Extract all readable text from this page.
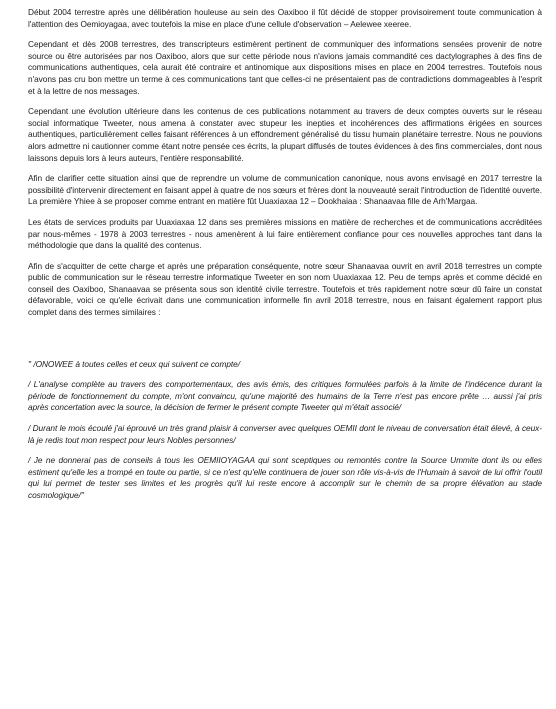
Début 2004 terrestre après une délibération houleuse au sein des Oaxiboo il fût décidé de stopper provisoirement toute communication à l'attention des Oemioyagaa, avec toutefois la mise en place d'une cellule d'observation – Aelewee xeeree.

Cependant et dès 2008 terrestres, des transcripteurs estimèrent pertinent de communiquer des informations sensées provenir de notre source ou être autorisées par nos Oaxiboo, alors que sur cette période nous n'avions jamais commandité ces dactylographes à des fins de communications authentiques, cela aurait été contraire et antinomique aux dispositions mises en place en 2004 terrestres. Toutefois nous n'avons pas cru bon mettre un terme à ces communications tant que celles-ci ne présentaient pas de contradictions dommageables à l'esprit et à la lettre de nos messages.

Cependant une évolution ultérieure dans les contenus de ces publications notamment au travers de deux comptes ouverts sur le réseau social informatique Tweeter, nous amena à constater avec stupeur les inepties et incohérences des affirmations érigées en sources authentiques, particulièrement celles faisant références à un effondrement généralisé du tissu humain planétaire terrestre. Nous ne pouvions alors admettre ni cautionner comme étant notre pensée ces écrits, la plupart diffusés de toutes évidences à des fins commerciales, dont nous laissons depuis lors à leurs auteurs, l'entière responsabilité.

Afin de clarifier cette situation ainsi que de reprendre un volume de communication canonique, nous avons envisagé en 2017 terrestre la possibilité d'intervenir directement en faisant appel à quatre de nos sœurs et frères dont la nouveauté serait l'introduction de l'identité ouverte. La première Yhiee à se proposer comme entrant en matière fût Uuaxiaxaa 12 – Dookhaiaa : Shanaavaa fille de Arh'Margaa.

Les états de services produits par Uuaxiaxaa 12 dans ses premières missions en matière de recherches et de communications accréditées par nous-mêmes - 1978 à 2003 terrestres - nous amenèrent à lui faire entièrement confiance pour ces nouvelles approches tant dans la méthodologie que dans la qualité des contenus.

Afin de s'acquitter de cette charge et après une préparation conséquente, notre sœur Shanaavaa ouvrit en avril 2018 terrestres un compte public de communication sur le réseau terrestre informatique Tweeter en son nom Uuaxiaxaa 12. Peu de temps après et comme décidé en conseil des Oaxiboo, Shanaavaa se présenta sous son identité civile terrestre. Toutefois et très rapidement notre sœur dû faire un constat défavorable, voici ce qu'elle écrivait dans une communication informelle fin avril 2018 terrestre, nous en faisant également rapport plus complet dans des termes similaires :

'' /ONOWEE à toutes celles et ceux qui suivent ce compte/

/ L'analyse complète au travers des comportementaux, des avis émis, des critiques formulées parfois à la limite de l'indécence durant la période de fonctionnement du compte, m'ont convaincu, qu'une majorité des humains de la Terre n'est pas encore prête … aussi j'ai pris après concertation avec la source, la décision de fermer le présent compte Tweeter qui m'était associé/

/ Durant le mois écoulé j'ai éprouvé un très grand plaisir à converser avec quelques OEMII dont le niveau de conversation était élevé, à ceux-là je redis tout mon respect pour leurs Nobles personnes/

/ Je ne donnerai pas de conseils à tous les OEMIIOYAGAA qui sont sceptiques ou remontés contre la Source Ummite dont ils ou elles estiment qu'elle les a trompé en toute ou partie, si ce n'est qu'elle continuera de jouer son rôle vis-à-vis de l'Humain à savoir de lui offrir l'outil qui lui permet de tester ses limites et les progrès qu'il lui reste encore à accomplir sur le chemin de sa propre élévation au stade cosmologique/''
